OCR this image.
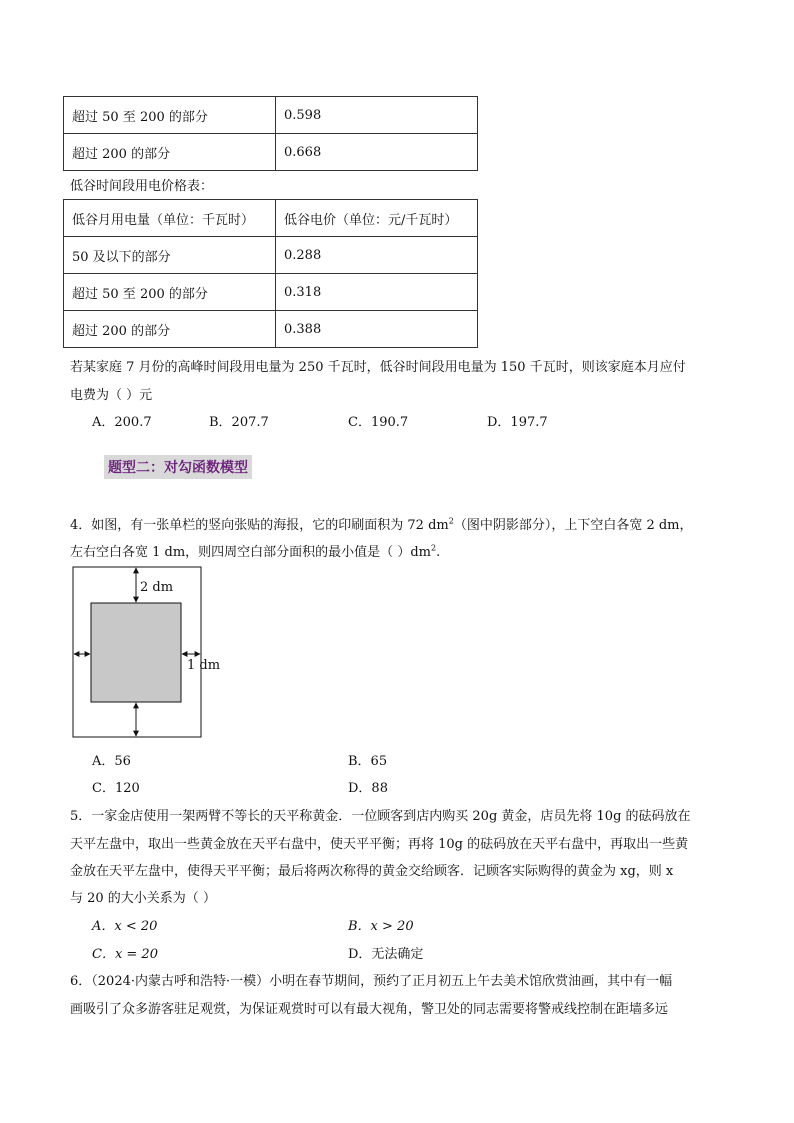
超过 50 至 200 的部分	0.598
超过 200 的部分	0.668
低谷时间段用电价格表：
低谷月用电量（单位：千瓦时）	低谷电价（单位：元/千瓦时）
50 及以下的部分	0.288
超过 50 至 200 的部分	0.318
超过 200 的部分	0.388
若某家庭 7 月份的高峰时间段用电量为 250 千瓦时，低谷时间段用电量为 150 千瓦时，则该家庭本月应付
电费为（ ）元
A．200.7	B．207.7	C．190.7	D．197.7
题型二：对勾函数模型
4．如图，有一张单栏的竖向张贴的海报，它的印刷面积为 72 $dm^2$（图中阴影部分），上下空白各宽 2 dm，
左右空白各宽 1 dm，则四周空白部分面积的最小值是（ ）$dm^2$.
2 dm
1 dm
A．56	B．65
C．120	D．88
5．一家金店使用一架两臂不等长的天平称黄金．一位顾客到店内购买 20g 黄金，店员先将 10g 的砝码放在
天平左盘中，取出一些黄金放在天平右盘中，使天平平衡；再将 10g 的砝码放在天平右盘中，再取出一些黄
金放在天平左盘中，使得天平平衡；最后将两次称得的黄金交给顾客．记顾客实际购得的黄金为 xg，则 x
与 20 的大小关系为（ ）
A．x < 20	B．x > 20
C．x = 20	D．无法确定
6．（2024·内蒙古呼和浩特·一模）小明在春节期间，预约了正月初五上午去美术馆欣赏油画，其中有一幅
画吸引了众多游客驻足观赏，为保证观赏时可以有最大视角，警卫处的同志需要将警戒线控制在距墙多远
